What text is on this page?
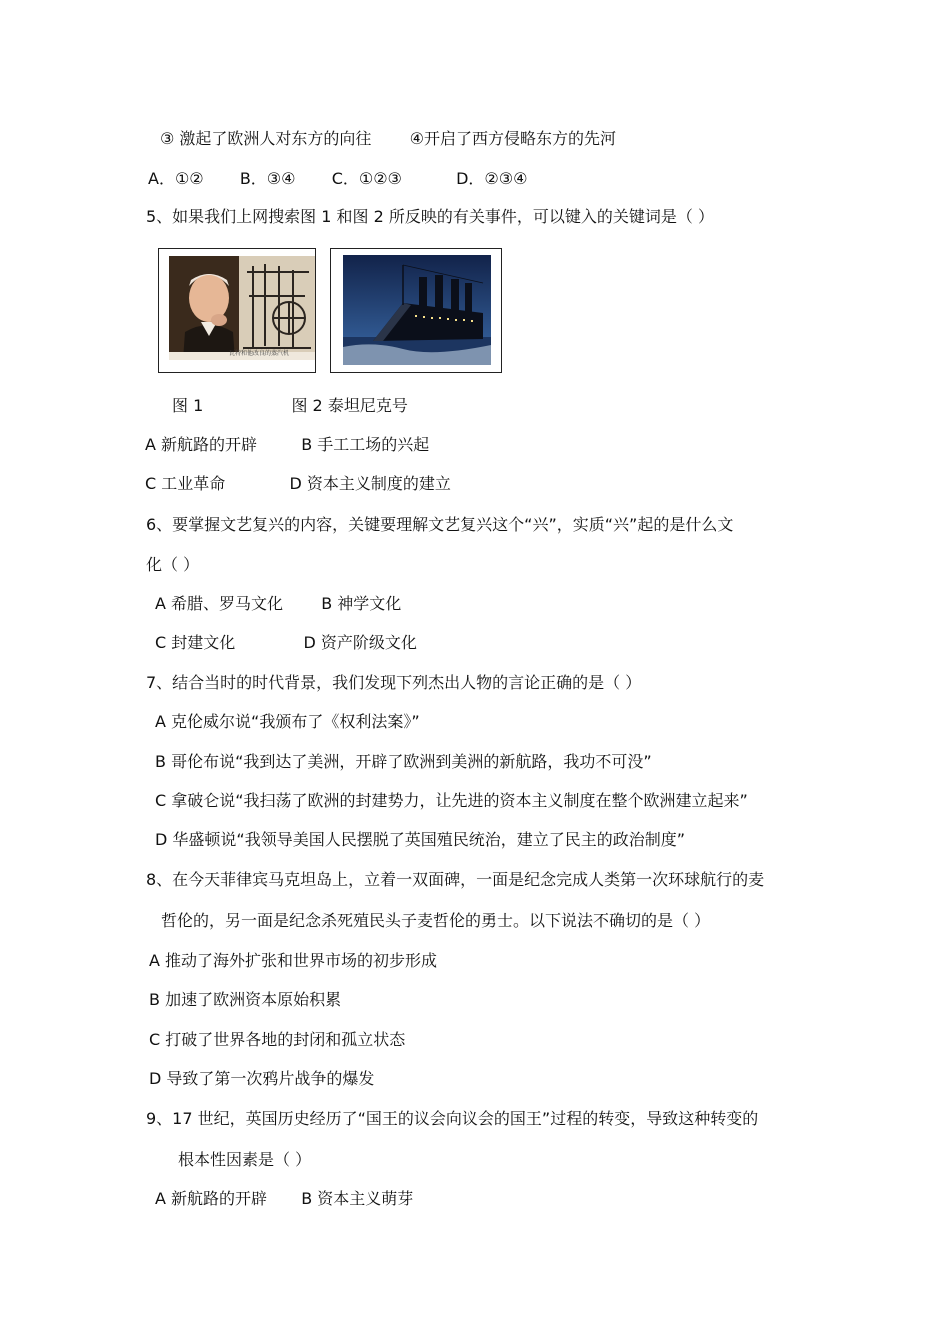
③ 激起了欧洲人对东方的向往 ④开启了西方侵略东方的先河
A．①② B．③④ C．①②③	D．②③④
5、如果我们上网搜索图 1 和图 2 所反映的有关事件，可以键入的关键词是（ ）
瓦特和他改良的蒸汽机
图 1	图 2 泰坦尼克号
A 新航路的开辟	B 手工工场的兴起
C 工业革命	D 资本主义制度的建立
6、要掌握文艺复兴的内容，关键要理解文艺复兴这个“兴”，实质“兴”起的是什么文
化（ ）
A 希腊、罗马文化 B 神学文化
C 封建文化	D 资产阶级文化
7、结合当时的时代背景，我们发现下列杰出人物的言论正确的是（ ）
A 克伦威尔说“我颁布了《权利法案》”
B 哥伦布说“我到达了美洲，开辟了欧洲到美洲的新航路，我功不可没”
C 拿破仑说“我扫荡了欧洲的封建势力，让先进的资本主义制度在整个欧洲建立起来”
D 华盛顿说“我领导美国人民摆脱了英国殖民统治，建立了民主的政治制度”
8、在今天菲律宾马克坦岛上，立着一双面碑，一面是纪念完成人类第一次环球航行的麦
哲伦的，另一面是纪念杀死殖民头子麦哲伦的勇士。以下说法不确切的是（ ）
A 推动了海外扩张和世界市场的初步形成
B 加速了欧洲资本原始积累
C 打破了世界各地的封闭和孤立状态
D 导致了第一次鸦片战争的爆发
9、17 世纪，英国历史经历了“国王的议会向议会的国王”过程的转变，导致这种转变的
根本性因素是（ ）
A 新航路的开辟 B 资本主义萌芽
